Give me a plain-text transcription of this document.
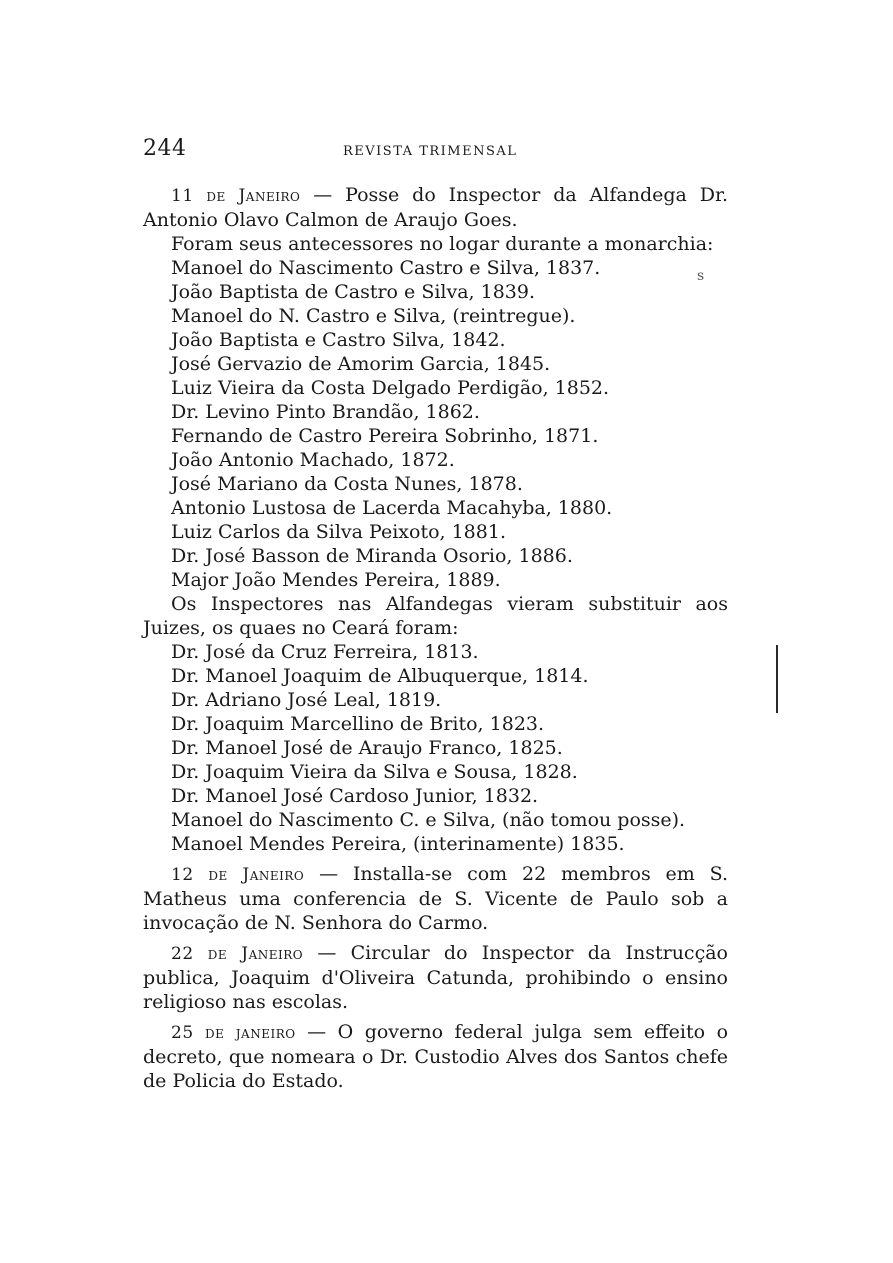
244	REVISTA TRIMENSAL
s

11 de Janeiro — Posse do Inspector da Alfandega Dr. Antonio Olavo Calmon de Araujo Goes.

Foram seus antecessores no logar durante a monarchia:

Manoel do Nascimento Castro e Silva, 1837.
João Baptista de Castro e Silva, 1839.
Manoel do N. Castro e Silva, (reintregue).
João Baptista e Castro Silva, 1842.
José Gervazio de Amorim Garcia, 1845.
Luiz Vieira da Costa Delgado Perdigão, 1852.
Dr. Levino Pinto Brandão, 1862.
Fernando de Castro Pereira Sobrinho, 1871.
João Antonio Machado, 1872.
José Mariano da Costa Nunes, 1878.
Antonio Lustosa de Lacerda Macahyba, 1880.
Luiz Carlos da Silva Peixoto, 1881.
Dr. José Basson de Miranda Osorio, 1886.
Major João Mendes Pereira, 1889.

Os Inspectores nas Alfandegas vieram substituir aos Juizes, os quaes no Ceará foram:

Dr. José da Cruz Ferreira, 1813.
Dr. Manoel Joaquim de Albuquerque, 1814.
Dr. Adriano José Leal, 1819.
Dr. Joaquim Marcellino de Brito, 1823.
Dr. Manoel José de Araujo Franco, 1825.
Dr. Joaquim Vieira da Silva e Sousa, 1828.
Dr. Manoel José Cardoso Junior, 1832.
Manoel do Nascimento C. e Silva, (não tomou posse).
Manoel Mendes Pereira, (interinamente) 1835.

12 de Janeiro — Installa-se com 22 membros em S. Matheus uma conferencia de S. Vicente de Paulo sob a invocação de N. Senhora do Carmo.

22 de Janeiro — Circular do Inspector da Instrucção publica, Joaquim d'Oliveira Catunda, prohibindo o ensino religioso nas escolas.

25 de janeiro — O governo federal julga sem effeito o decreto, que nomeara o Dr. Custodio Alves dos Santos chefe de Policia do Estado.
